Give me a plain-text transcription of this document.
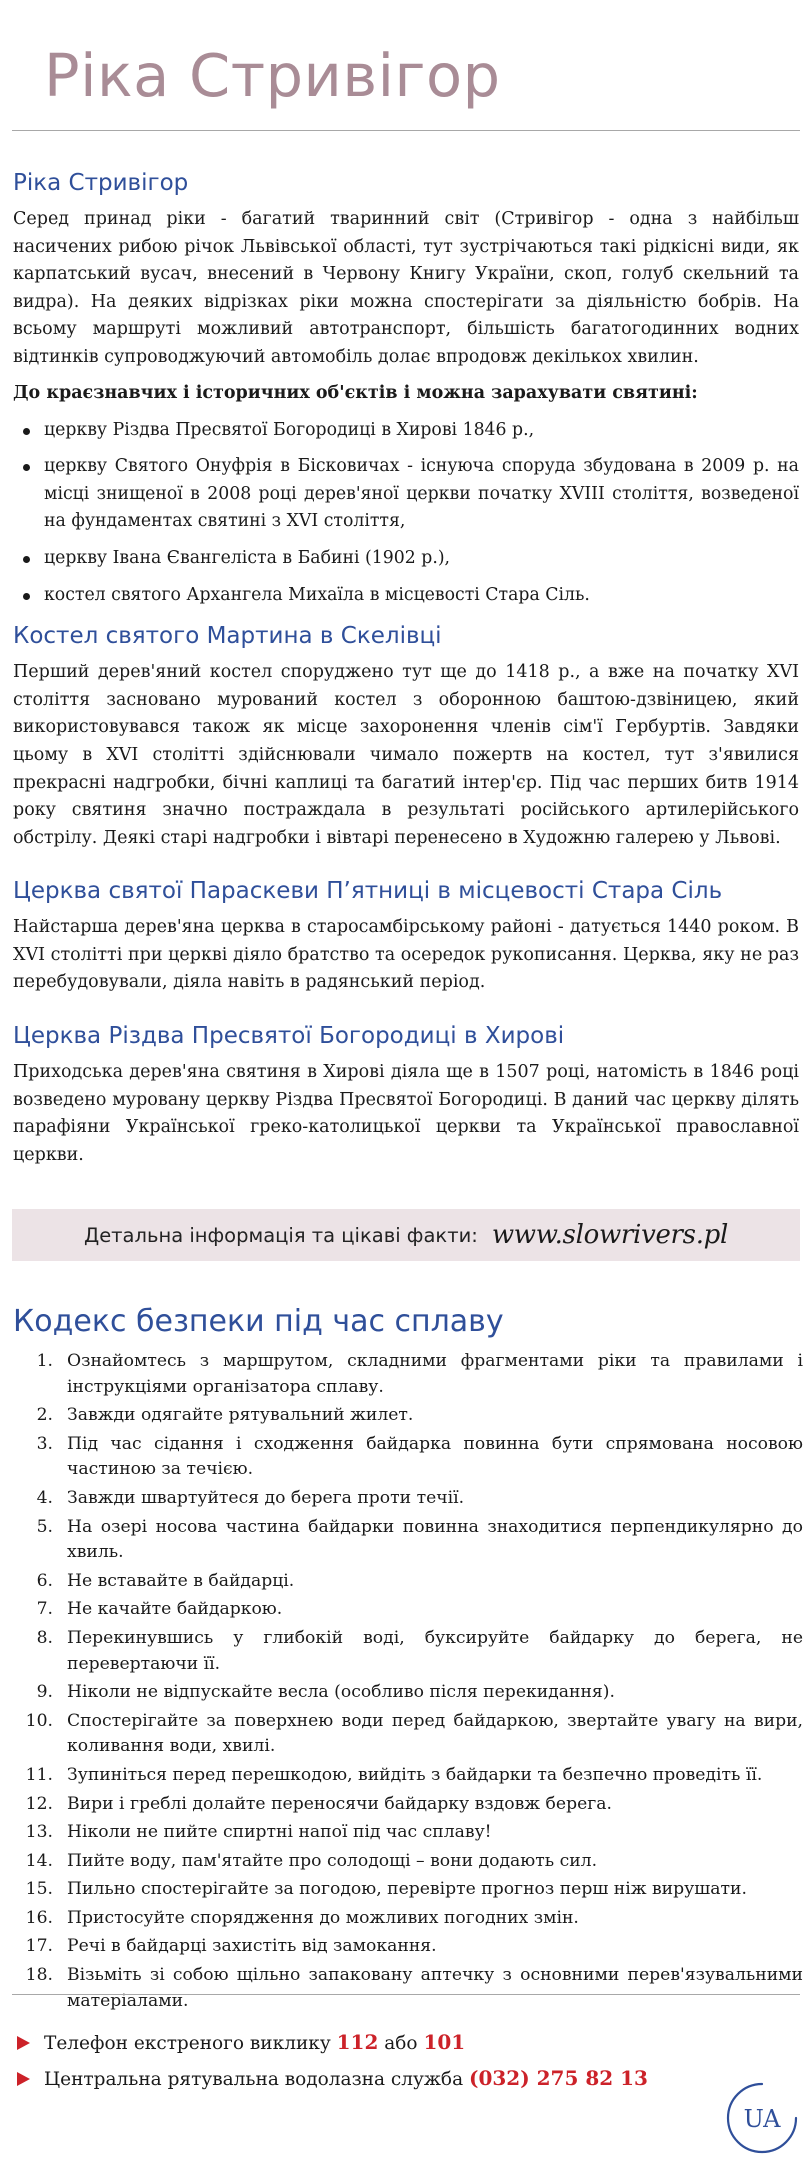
Ріка Стривігор
Ріка Стривігор

Серед принад ріки - багатий тваринний світ (Стривігор - одна з найбільш насичених рибою річок Львівської області, тут зустрічаються такі рідкісні види, як карпатський вусач, внесений в Червону Книгу України, скоп, голуб скельний та видра). На деяких відрізках ріки можна спостерігати за діяльністю бобрів. На всьому маршруті можливий автотранспорт, більшість багатогодинних водних відтинків супроводжуючий автомобіль долає впродовж декількох хвилин.

До краєзнавчих і історичних об'єктів і можна зарахувати святині:

церкву Різдва Пресвятої Богородиці в Хирові 1846 р.,
церкву Святого Онуфрія в Бісковичах - існуюча споруда збудована в 2009 р. на місці знищеної в 2008 році дерев'яної церкви початку XVIII століття, возведеної на фундаментах святині з XVI століття,
церкву Івана Євангеліста в Бабині (1902 р.),
костел святого Архангела Михаїла в місцевості Стара Сіль.
Костел святого Мартина в Скелівці

Перший дерев'яний костел споруджено тут ще до 1418 р., а вже на початку XVI століття засновано мурований костел з оборонною баштою-дзвіницею, який використовувався також як місце захоронення членів сім'ї Гербуртів. Завдяки цьому в XVI столітті здійснювали чимало пожертв на костел, тут з'явилися прекрасні надгробки, бічні каплиці та багатий інтер'єр. Під час перших битв 1914 року святиня значно постраждала в результаті російського артилерійського обстрілу. Деякі старі надгробки і вівтарі перенесено в Художню галерею у Львові.

Церква святої Параскеви П’ятниці в місцевості Стара Сіль

Найстарша дерев'яна церква в старосамбірському районі - датується 1440 роком. В XVI столітті при церкві діяло братство та осередок рукописання. Церква, яку не раз перебудовували, діяла навіть в радянський період.

Церква Різдва Пресвятої Богородиці в Хирові

Приходська дерев'яна святиня в Хирові діяла ще в 1507 році, натомість в 1846 році возведено муровану церкву Різдва Пресвятої Богородиці. В даний час церкву ділять парафіяни Української греко-католицької церкви та Української православної церкви.

Детальна інформація та цікаві факти: www.slowrivers.pl
Кодекс безпеки під час сплаву
1. Ознайомтесь з маршрутом, складними фрагментами ріки та правилами і інструкціями організатора сплаву.
2. Завжди одягайте рятувальний жилет.
3. Під час сідання і сходження байдарка повинна бути спрямована носовою частиною за течією.
4. Завжди швартуйтеся до берега проти течії.
5. На озері носова частина байдарки повинна знаходитися перпендикулярно до хвиль.
6. Не вставайте в байдарці.
7. Не качайте байдаркою.
8. Перекинувшись у глибокій воді, буксируйте байдарку до берега, не перевертаючи її.
9. Ніколи не відпускайте весла (особливо після перекидання).
10. Спостерігайте за поверхнею води перед байдаркою, звертайте увагу на вири, коливання води, хвилі.
11. Зупиніться перед перешкодою, вийдіть з байдарки та безпечно проведіть її.
12. Вири і греблі долайте переносячи байдарку вздовж берега.
13. Ніколи не пийте спиртні напої під час сплаву!
14. Пийте воду, пам'ятайте про солодощі – вони додають сил.
15. Пильно спостерігайте за погодою, перевірте прогноз перш ніж вирушати.
16. Пристосуйте спорядження до можливих погодних змін.
17. Речі в байдарці захистіть від замокання.
18. Візьміть зі собою щільно запаковану аптечку з основними перев'язувальними матеріалами.
Телефон екстреного виклику 112 або 101
Центральна рятувальна водолазна служба (032) 275 82 13
UA
